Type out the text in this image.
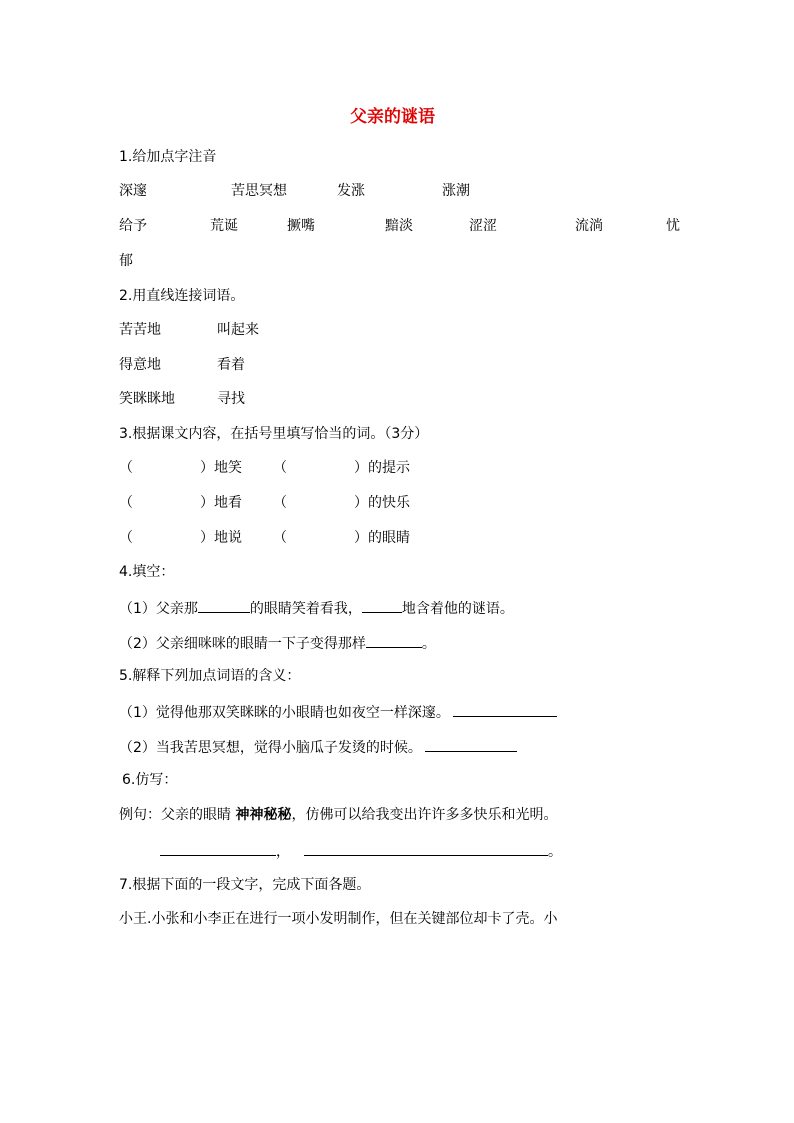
父亲的谜语
1.给加点字注音
深邃	苦思冥想	发涨	涨潮
给予	荒诞	撅嘴	黯淡	涩涩	流淌	忧
郁
2.用直线连接词语。
苦苦地	叫起来
得意地	看着
笑眯眯地	寻找
3.根据课文内容，在括号里填写恰当的词。（3分）
（	）地笑 （	）的提示
（	）地看 （	）的快乐
（	）地说 （	）的眼睛
4.填空：
（1）父亲那	的眼睛笑着看我，	地含着他的谜语。
（2）父亲细咪咪的眼睛一下子变得那样	。
5.解释下列加点词语的含义：
（1）觉得他那双笑眯眯的小眼睛也如夜空一样深邃。
（2）当我苦思冥想，觉得小脑瓜子发烫的时候。
6.仿写：
例句：父亲的眼睛 神神秘秘，仿佛可以给我变出许许多多快乐和光明。
，	。
7.根据下面的一段文字，完成下面各题。
小王.小张和小李正在进行一项小发明制作，但在关键部位却卡了壳。小
